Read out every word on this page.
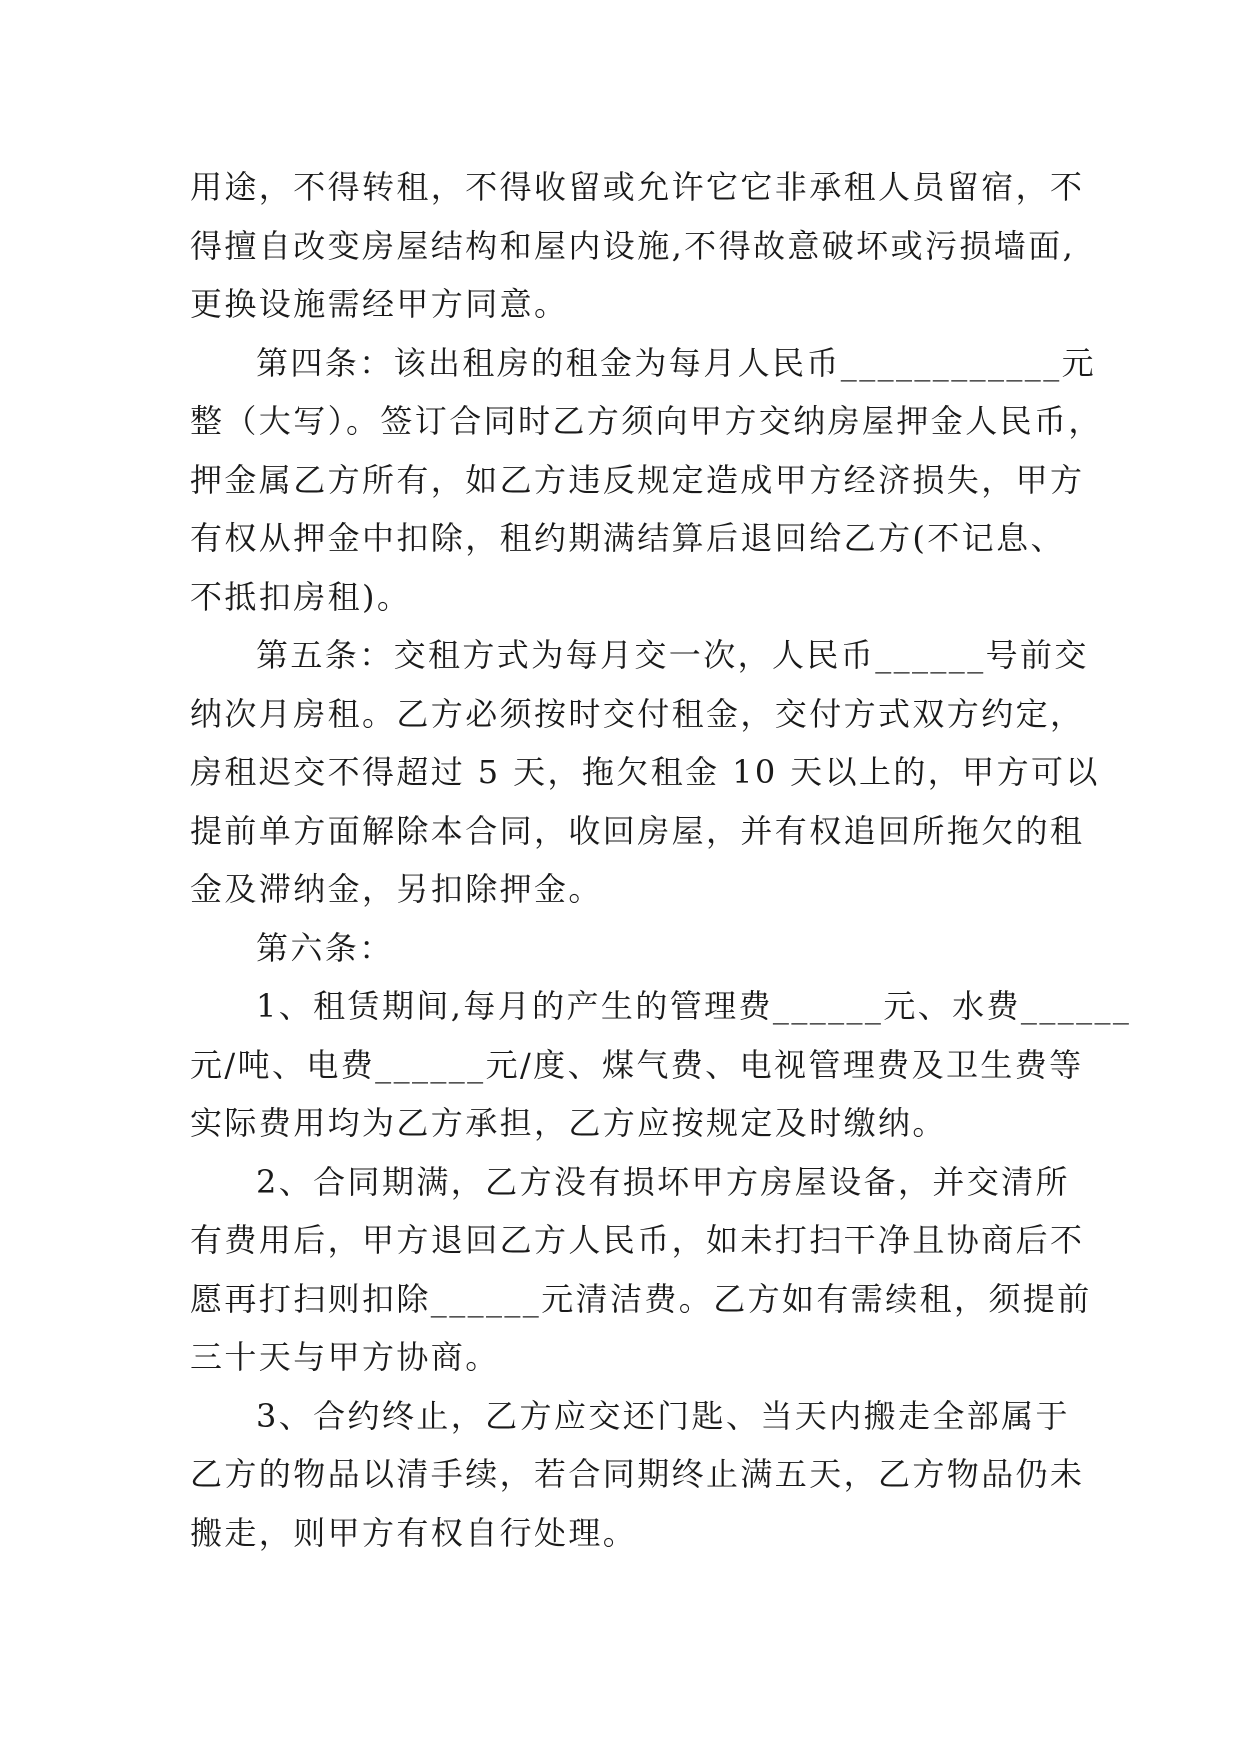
用途，不得转租，不得收留或允许它它非承租人员留宿，不
得擅自改变房屋结构和屋内设施,不得故意破坏或污损墙面,
更换设施需经甲方同意。
第四条：该出租房的租金为每月人民币____________元
整（大写）。签订合同时乙方须向甲方交纳房屋押金人民币，
押金属乙方所有，如乙方违反规定造成甲方经济损失，甲方
有权从押金中扣除，租约期满结算后退回给乙方(不记息、
不抵扣房租)。
第五条：交租方式为每月交一次，人民币______号前交
纳次月房租。乙方必须按时交付租金，交付方式双方约定，
房租迟交不得超过 5 天，拖欠租金 10 天以上的，甲方可以
提前单方面解除本合同，收回房屋，并有权追回所拖欠的租
金及滞纳金，另扣除押金。
第六条：
1、租赁期间,每月的产生的管理费______元、水费______
元/吨、电费______元/度、煤气费、电视管理费及卫生费等
实际费用均为乙方承担，乙方应按规定及时缴纳。
2、合同期满，乙方没有损坏甲方房屋设备，并交清所
有费用后，甲方退回乙方人民币，如未打扫干净且协商后不
愿再打扫则扣除______元清洁费。乙方如有需续租，须提前
三十天与甲方协商。
3、合约终止，乙方应交还门匙、当天内搬走全部属于
乙方的物品以清手续，若合同期终止满五天，乙方物品仍未
搬走，则甲方有权自行处理。
